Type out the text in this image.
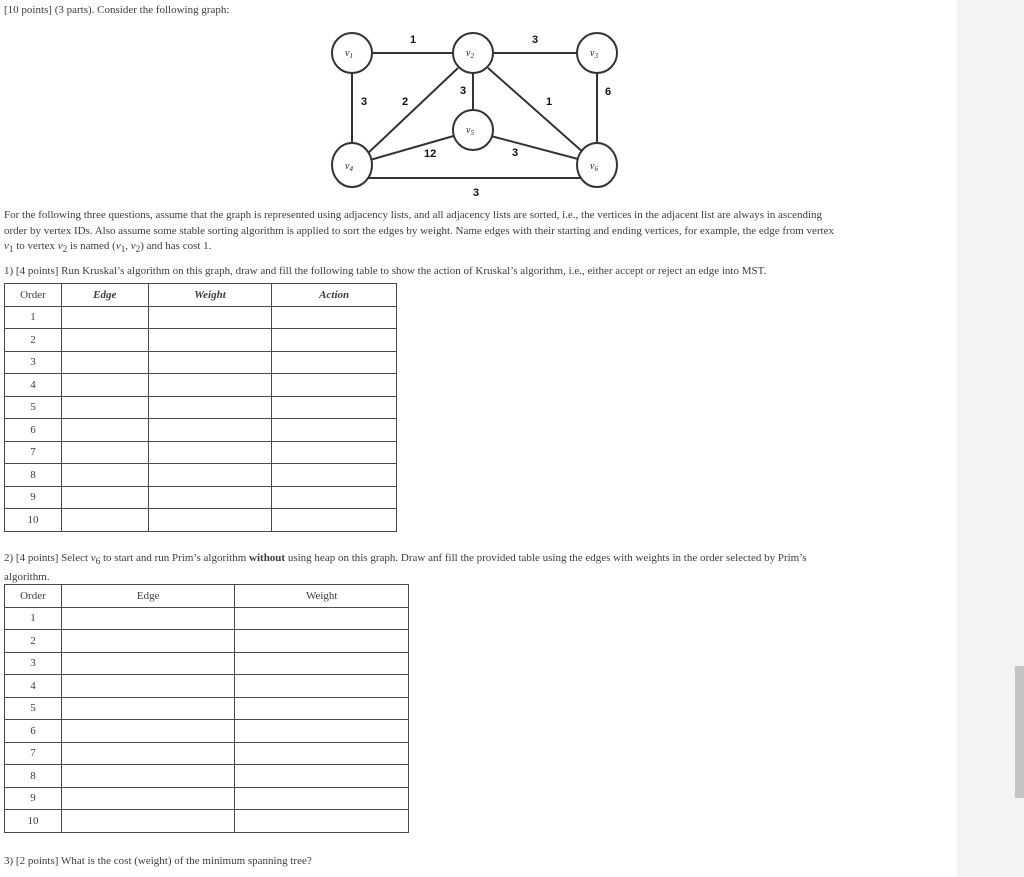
[10 points] (3 parts). Consider the following graph:
$v_1$	$v_2$	$v_3$
$v_4$
$v_5$
$v_6$
1	3
3	2
3
1
6
12	3
3
For the following three questions, assume that the graph is represented using adjacency lists, and all adjacency lists are sorted, i.e., the vertices in the adjacent list are always in ascending
order by vertex IDs. Also assume some stable sorting algorithm is applied to sort the edges by weight. Name edges with their starting and ending vertices, for example, the edge from vertex
$v_1$ to vertex $v_2$ is named ($v_1$, $v_2$) and has cost 1.
1) [4 points] Run Kruskal’s algorithm on this graph, draw and fill the following table to show the action of Kruskal’s algorithm, i.e., either accept or reject an edge into MST.
Order	Edge	Weight	Action
1			
2			
3			
4			
5			
6			
7			
8			
9			
10			
2) [4 points] Select $v_6$ to start and run Prim’s algorithm without using heap on this graph. Draw anf fill the provided table using the edges with weights in the order selected by Prim’s
algorithm.
Order	Edge	Weight
1		
2		
3		
4		
5		
6		
7		
8		
9		
10		
3) [2 points] What is the cost (weight) of the minimum spanning tree?
